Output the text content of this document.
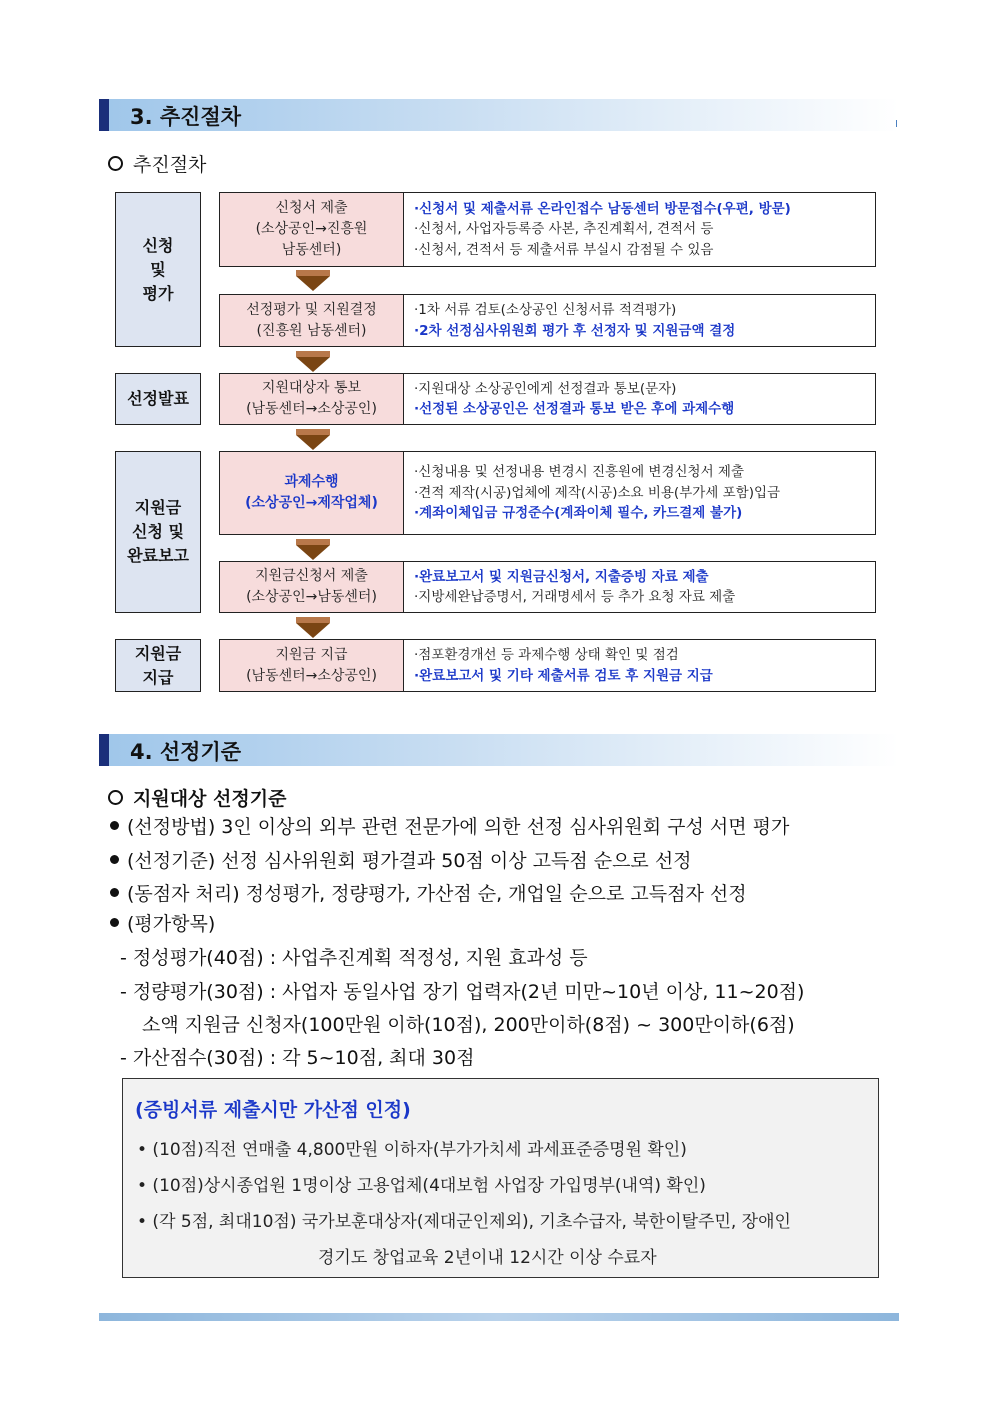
3. 추진절차
추진절차
신청
및
평가
선정발표
지원금
신청 및
완료보고
지원금
지급
신청서 제출
(소상공인→진흥원
남동센터)
·신청서 및 제출서류 온라인접수 남동센터 방문접수(우편, 방문)
·신청서, 사업자등록증 사본, 추진계획서, 견적서 등
·신청서, 견적서 등 제출서류 부실시 감점될 수 있음
선정평가 및 지원결정
(진흥원 남동센터)
·1차 서류 검토(소상공인 신청서류 적격평가)
·2차 선정심사위원회 평가 후 선정자 및 지원금액 결정
지원대상자 통보
(남동센터→소상공인)
·지원대상 소상공인에게 선정결과 통보(문자)
·선정된 소상공인은 선정결과 통보 받은 후에 과제수행
과제수행
(소상공인→제작업체)
·신청내용 및 선정내용 변경시 진흥원에 변경신청서 제출
·견적 제작(시공)업체에 제작(시공)소요 비용(부가세 포함)입금
·계좌이체입금 규정준수(계좌이체 필수, 카드결제 불가)
지원금신청서 제출
(소상공인→남동센터)
·완료보고서 및 지원금신청서, 지출증빙 자료 제출
·지방세완납증명서, 거래명세서 등 추가 요청 자료 제출
지원금 지급
(남동센터→소상공인)
·점포환경개선 등 과제수행 상태 확인 및 점검
·완료보고서 및 기타 제출서류 검토 후 지원금 지급
4. 선정기준
지원대상 선정기준
(선정방법) 3인 이상의 외부 관련 전문가에 의한 선정 심사위원회 구성 서면 평가
(선정기준) 선정 심사위원회 평가결과 50점 이상 고득점 순으로 선정
(동점자 처리) 정성평가, 정량평가, 가산점 순, 개업일 순으로 고득점자 선정
(평가항목)
- 정성평가(40점) : 사업추진계획 적정성, 지원 효과성 등
- 정량평가(30점) : 사업자 동일사업 장기 업력자(2년 미만~10년 이상, 11~20점)
소액 지원금 신청자(100만원 이하(10점), 200만이하(8점) ~ 300만이하(6점)
- 가산점수(30점) : 각 5~10점, 최대 30점
(증빙서류 제출시만 가산점 인정)
• (10점)직전 연매출 4,800만원 이하자(부가가치세 과세표준증명원 확인)
• (10점)상시종업원 1명이상 고용업체(4대보험 사업장 가입명부(내역) 확인)
• (각 5점, 최대10점) 국가보훈대상자(제대군인제외), 기초수급자, 북한이탈주민, 장애인
경기도 창업교육 2년이내 12시간 이상 수료자
